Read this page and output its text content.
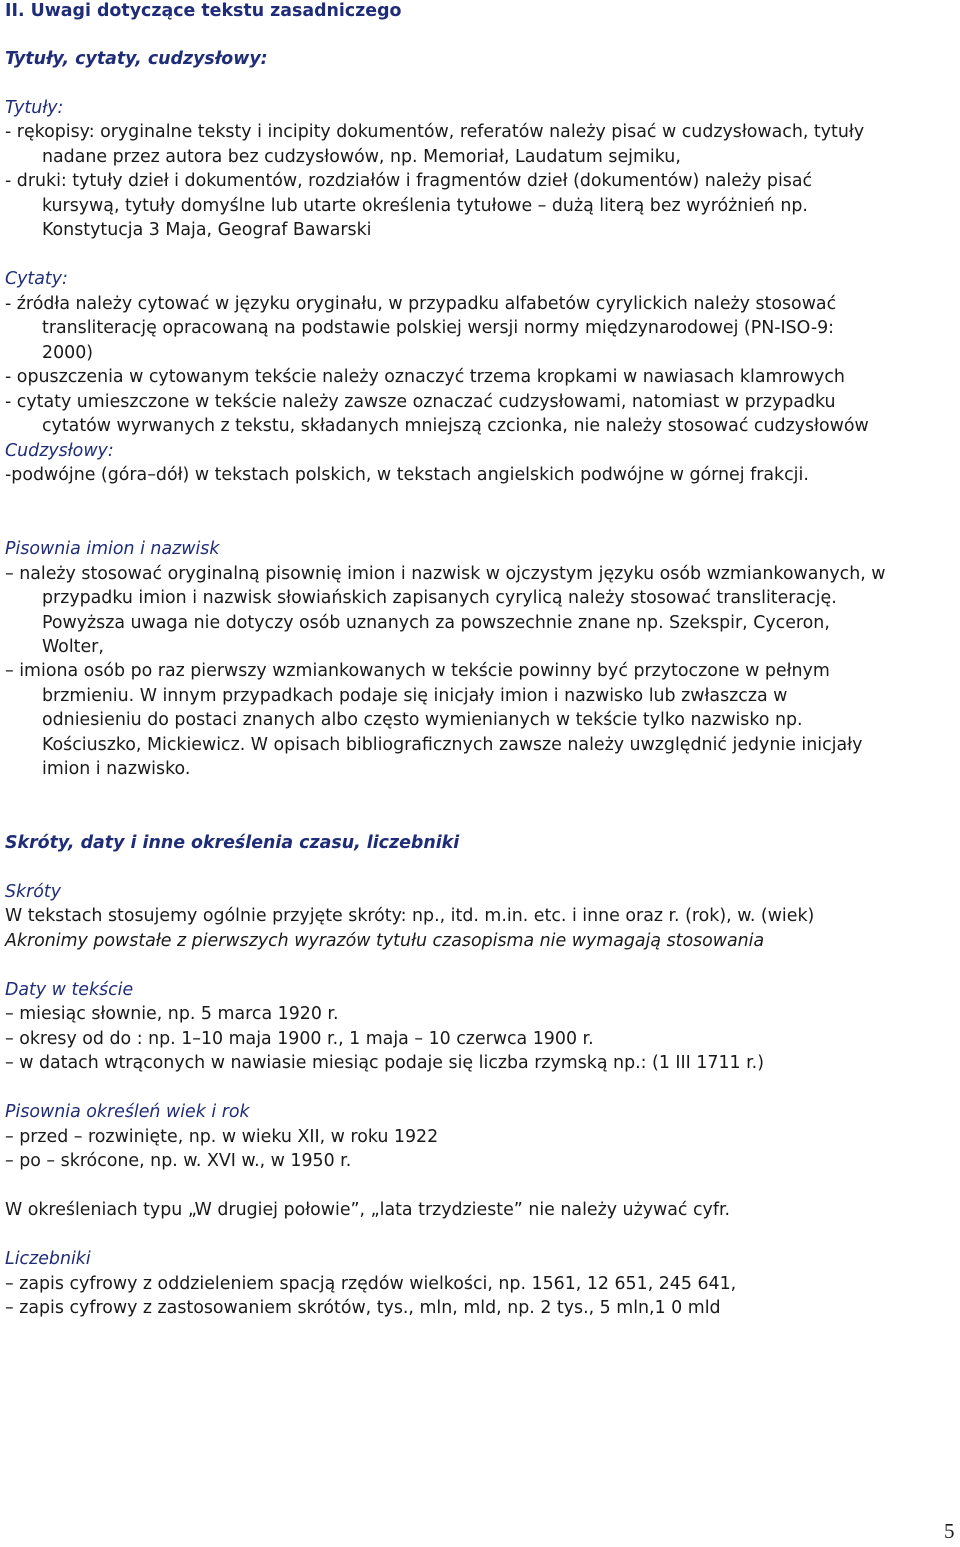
II. Uwagi dotyczące tekstu zasadniczego
Tytuły, cytaty, cudzysłowy:
Tytuły:
- rękopisy: oryginalne teksty i incipity dokumentów, referatów należy pisać w cudzysłowach, tytuły
nadane przez autora bez cudzysłowów, np. Memoriał, Laudatum sejmiku,
- druki: tytuły dzieł i dokumentów, rozdziałów i fragmentów dzieł (dokumentów) należy pisać
kursywą, tytuły domyślne lub utarte określenia tytułowe – dużą literą bez wyróżnień np.
Konstytucja 3 Maja, Geograf Bawarski
Cytaty:
- źródła należy cytować w języku oryginału, w przypadku alfabetów cyrylickich należy stosować
transliterację opracowaną na podstawie polskiej wersji normy międzynarodowej (PN-ISO-9:
2000)
- opuszczenia w cytowanym tekście należy oznaczyć trzema kropkami w nawiasach klamrowych
- cytaty umieszczone w tekście należy zawsze oznaczać cudzysłowami, natomiast w przypadku
cytatów wyrwanych z tekstu, składanych mniejszą czcionka, nie należy stosować cudzysłowów
Cudzysłowy:
-podwójne (góra–dół) w tekstach polskich, w tekstach angielskich podwójne w górnej frakcji.
Pisownia imion i nazwisk
– należy stosować oryginalną pisownię imion i nazwisk w ojczystym języku osób wzmiankowanych, w
przypadku imion i nazwisk słowiańskich zapisanych cyrylicą należy stosować transliterację.
Powyższa uwaga nie dotyczy osób uznanych za powszechnie znane np. Szekspir, Cyceron,
Wolter,
– imiona osób po raz pierwszy wzmiankowanych w tekście powinny być przytoczone w pełnym
brzmieniu. W innym przypadkach podaje się inicjały imion i nazwisko lub zwłaszcza w
odniesieniu do postaci znanych albo często wymienianych w tekście tylko nazwisko np.
Kościuszko, Mickiewicz. W opisach bibliograficznych zawsze należy uwzględnić jedynie inicjały
imion i nazwisko.
Skróty, daty i inne określenia czasu, liczebniki
Skróty
W tekstach stosujemy ogólnie przyjęte skróty: np., itd. m.in. etc. i inne oraz r. (rok), w. (wiek)
Akronimy powstałe z pierwszych wyrazów tytułu czasopisma nie wymagają stosowania
Daty w tekście
– miesiąc słownie, np. 5 marca 1920 r.
– okresy od do : np. 1–10 maja 1900 r., 1 maja – 10 czerwca 1900 r.
– w datach wtrąconych w nawiasie miesiąc podaje się liczba rzymską np.: (1 III 1711 r.)
Pisownia określeń wiek i rok
– przed – rozwinięte, np. w wieku XII, w roku 1922
– po – skrócone, np. w. XVI w., w 1950 r.
W określeniach typu „W drugiej połowie”, „lata trzydzieste” nie należy używać cyfr.
Liczebniki
– zapis cyfrowy z oddzieleniem spacją rzędów wielkości, np. 1561, 12 651, 245 641,
– zapis cyfrowy z zastosowaniem skrótów, tys., mln, mld, np. 2 tys., 5 mln,1 0 mld
5
